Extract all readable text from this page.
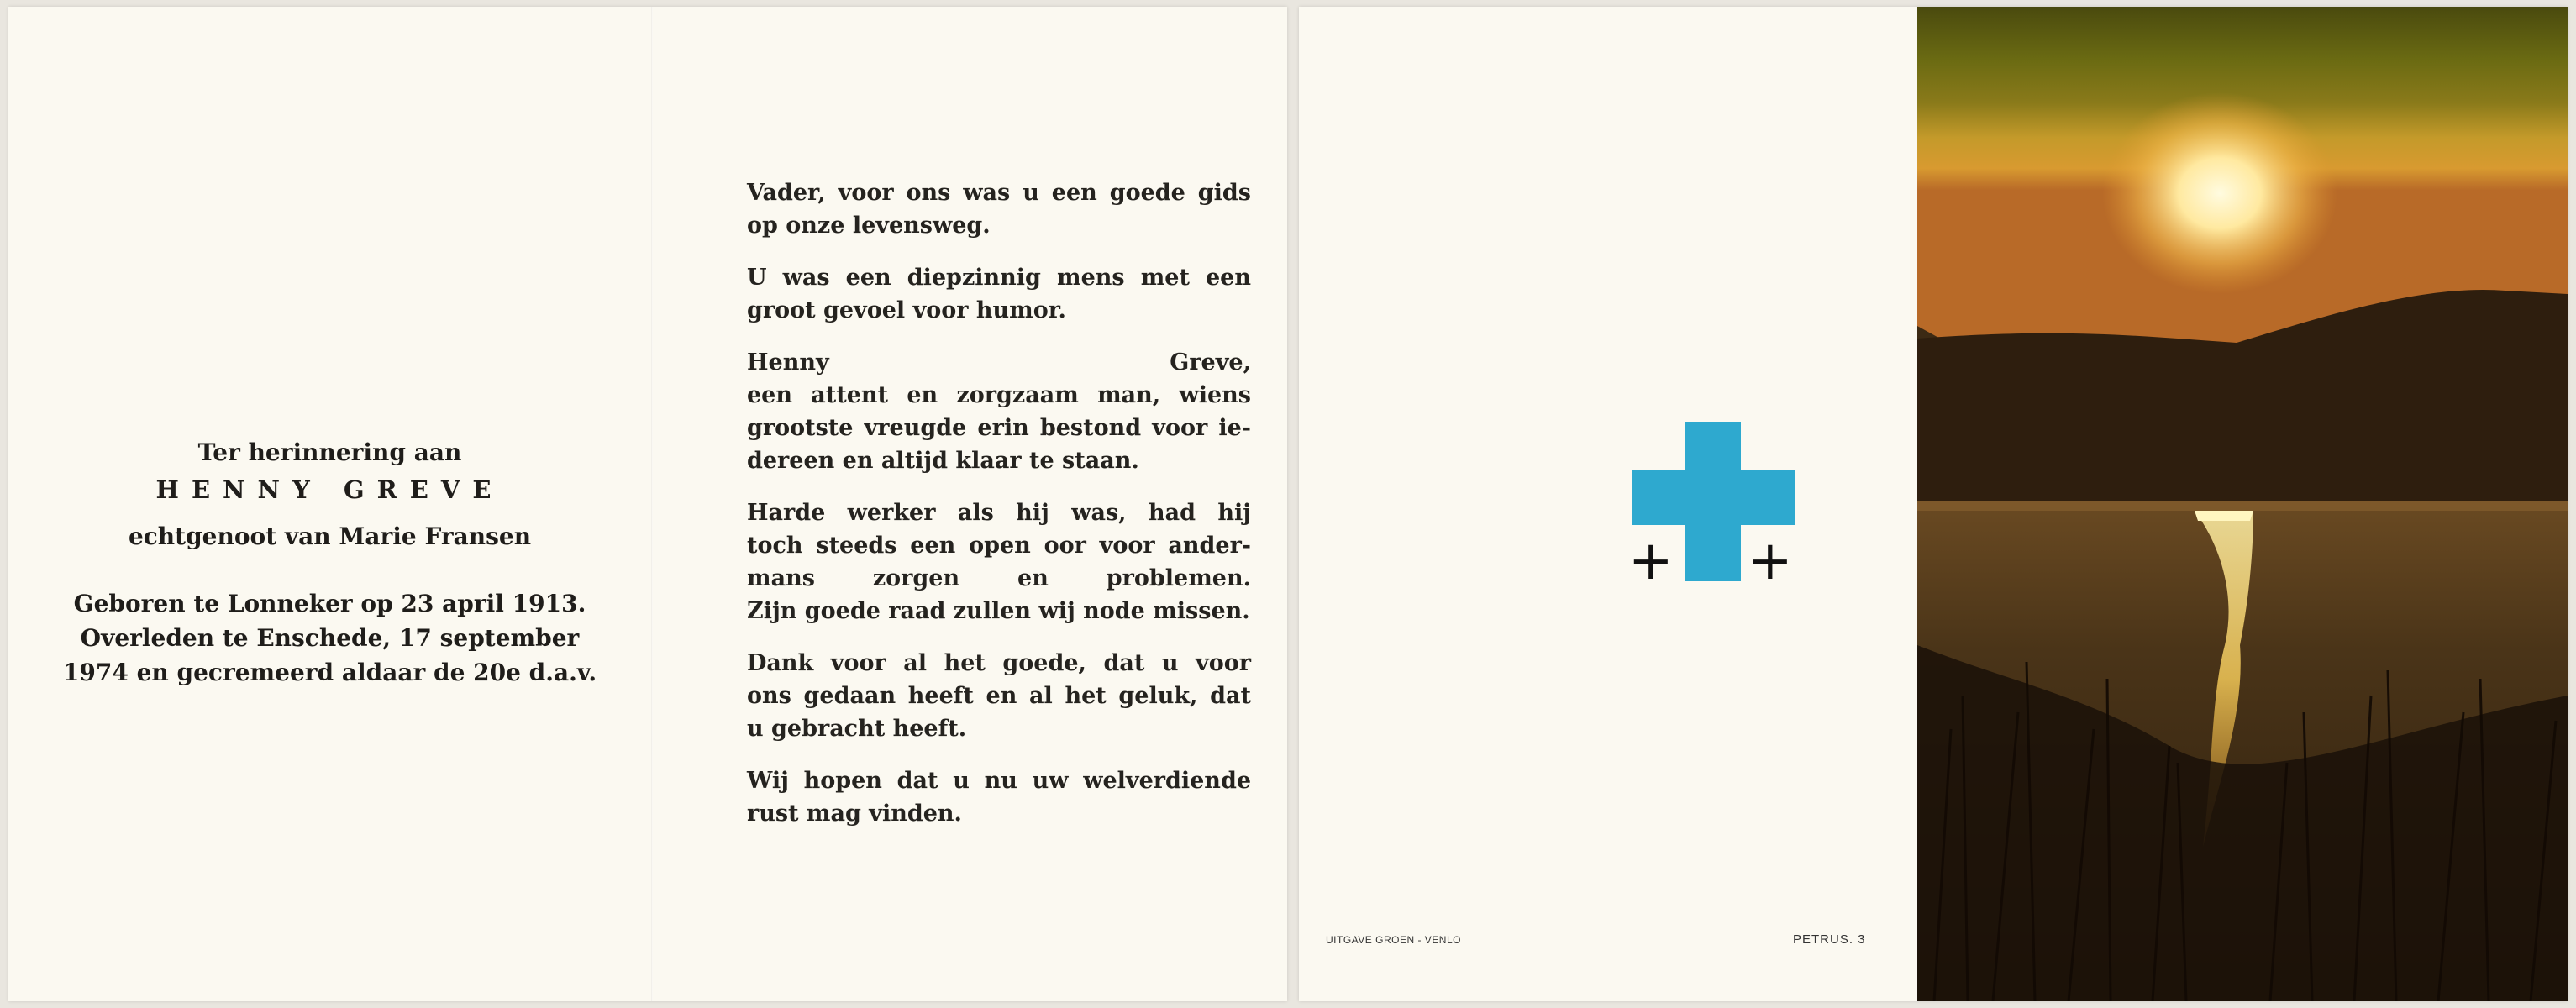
Ter herinnering aan
HENNY GREVE
echtgenoot van Marie Fransen
Geboren te Lonneker op 23 april 1913.
Overleden te Enschede, 17 september
1974 en gecremeerd aldaar de 20e d.a.v.

Vader, voor ons was u een goede gids
op onze levensweg.

U was een diepzinnig mens met een
groot gevoel voor humor.

Henny Greve,
een attent en zorgzaam man, wiens
grootste vreugde erin bestond voor ie-
dereen en altijd klaar te staan.

Harde werker als hij was, had hij
toch steeds een open oor voor ander-
mans zorgen en problemen.
Zijn goede raad zullen wij node missen.

Dank voor al het goede, dat u voor
ons gedaan heeft en al het geluk, dat
u gebracht heeft.

Wij hopen dat u nu uw welverdiende
rust mag vinden.

+ +
UITGAVE GROEN - VENLO	PETRUS. 3
